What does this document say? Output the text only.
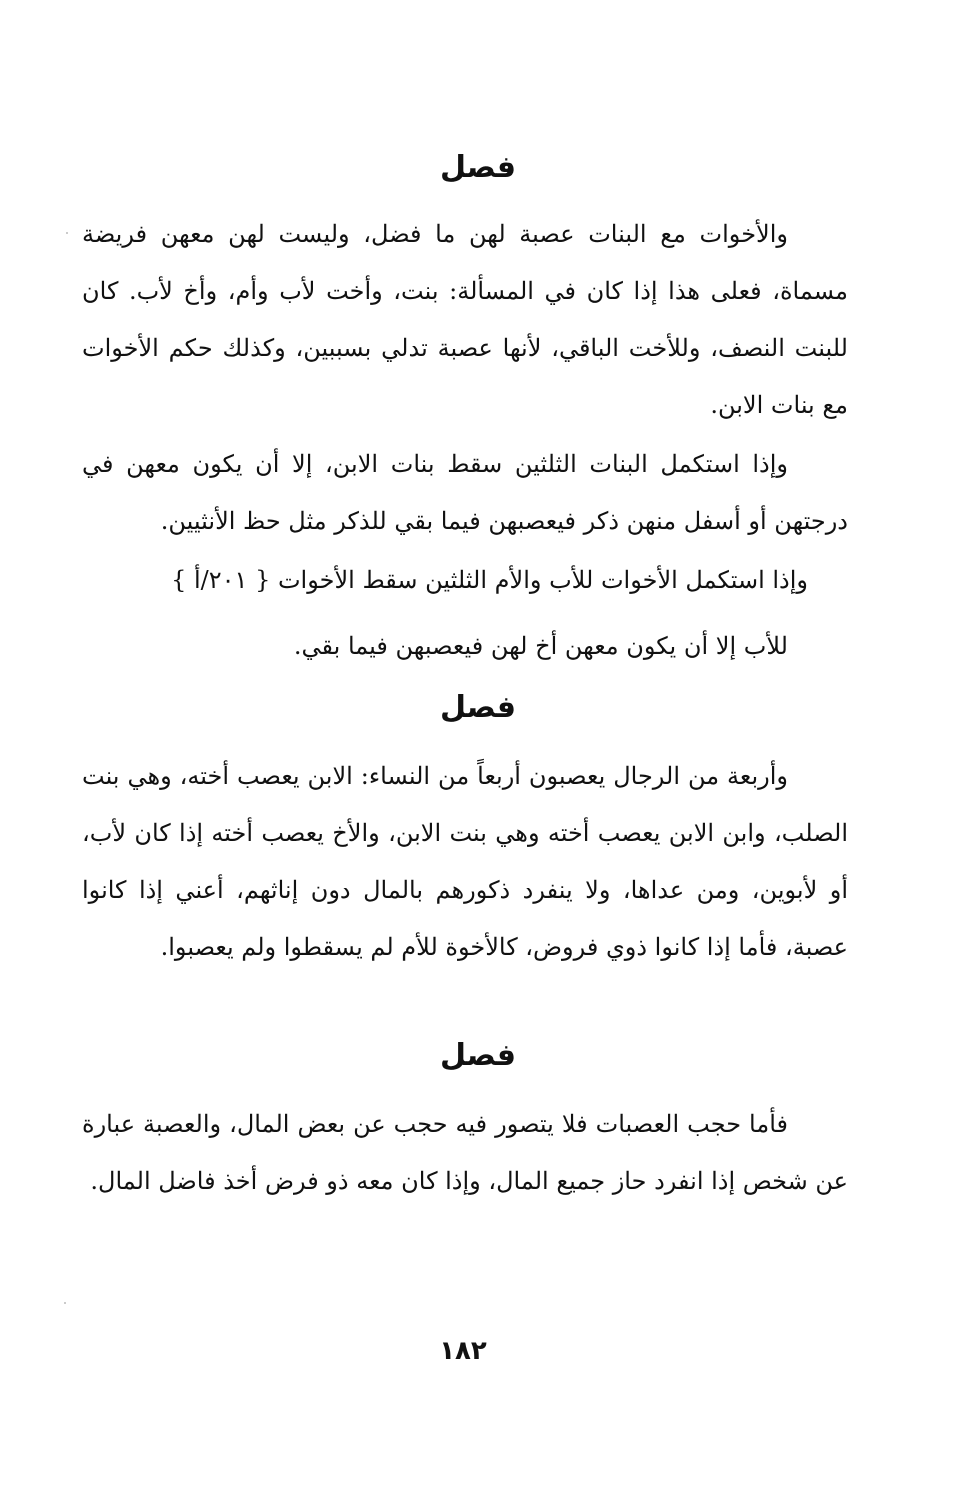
فصل
والأخوات مع البنات عصبة لهن ما فضل، وليست لهن معهن فريضة مسماة، فعلى هذا إذا كان في المسألة: بنت، وأخت لأب وأم، وأخ لأب. كان للبنت النصف، وللأخت الباقي، لأنها عصبة تدلي بسببين، وكذلك حكم الأخوات مع بنات الابن.
وإذا استكمل البنات الثلثين سقط بنات الابن، إلا أن يكون معهن في درجتهن أو أسفل منهن ذكر فيعصبهن فيما بقي للذكر مثل حظ الأنثيين.
وإذا استكمل الأخوات للأب والأم الثلثين سقط الأخوات { ٢٠١/أ }
للأب إلا أن يكون معهن أخ لهن فيعصبهن فيما بقي.
فصل
وأربعة من الرجال يعصبون أربعاً من النساء: الابن يعصب أخته، وهي بنت الصلب، وابن الابن يعصب أخته وهي بنت الابن، والأخ يعصب أخته إذا كان لأب، أو لأبوين، ومن عداها، ولا ينفرد ذكورهم بالمال دون إناثهم، أعني إذا كانوا عصبة، فأما إذا كانوا ذوي فروض، كالأخوة للأم لم يسقطوا ولم يعصبوا.
فصل
فأما حجب العصبات فلا يتصور فيه حجب عن بعض المال، والعصبة عبارة عن شخص إذا انفرد حاز جميع المال، وإذا كان معه ذو فرض أخذ فاضل المال.
١٨٢
